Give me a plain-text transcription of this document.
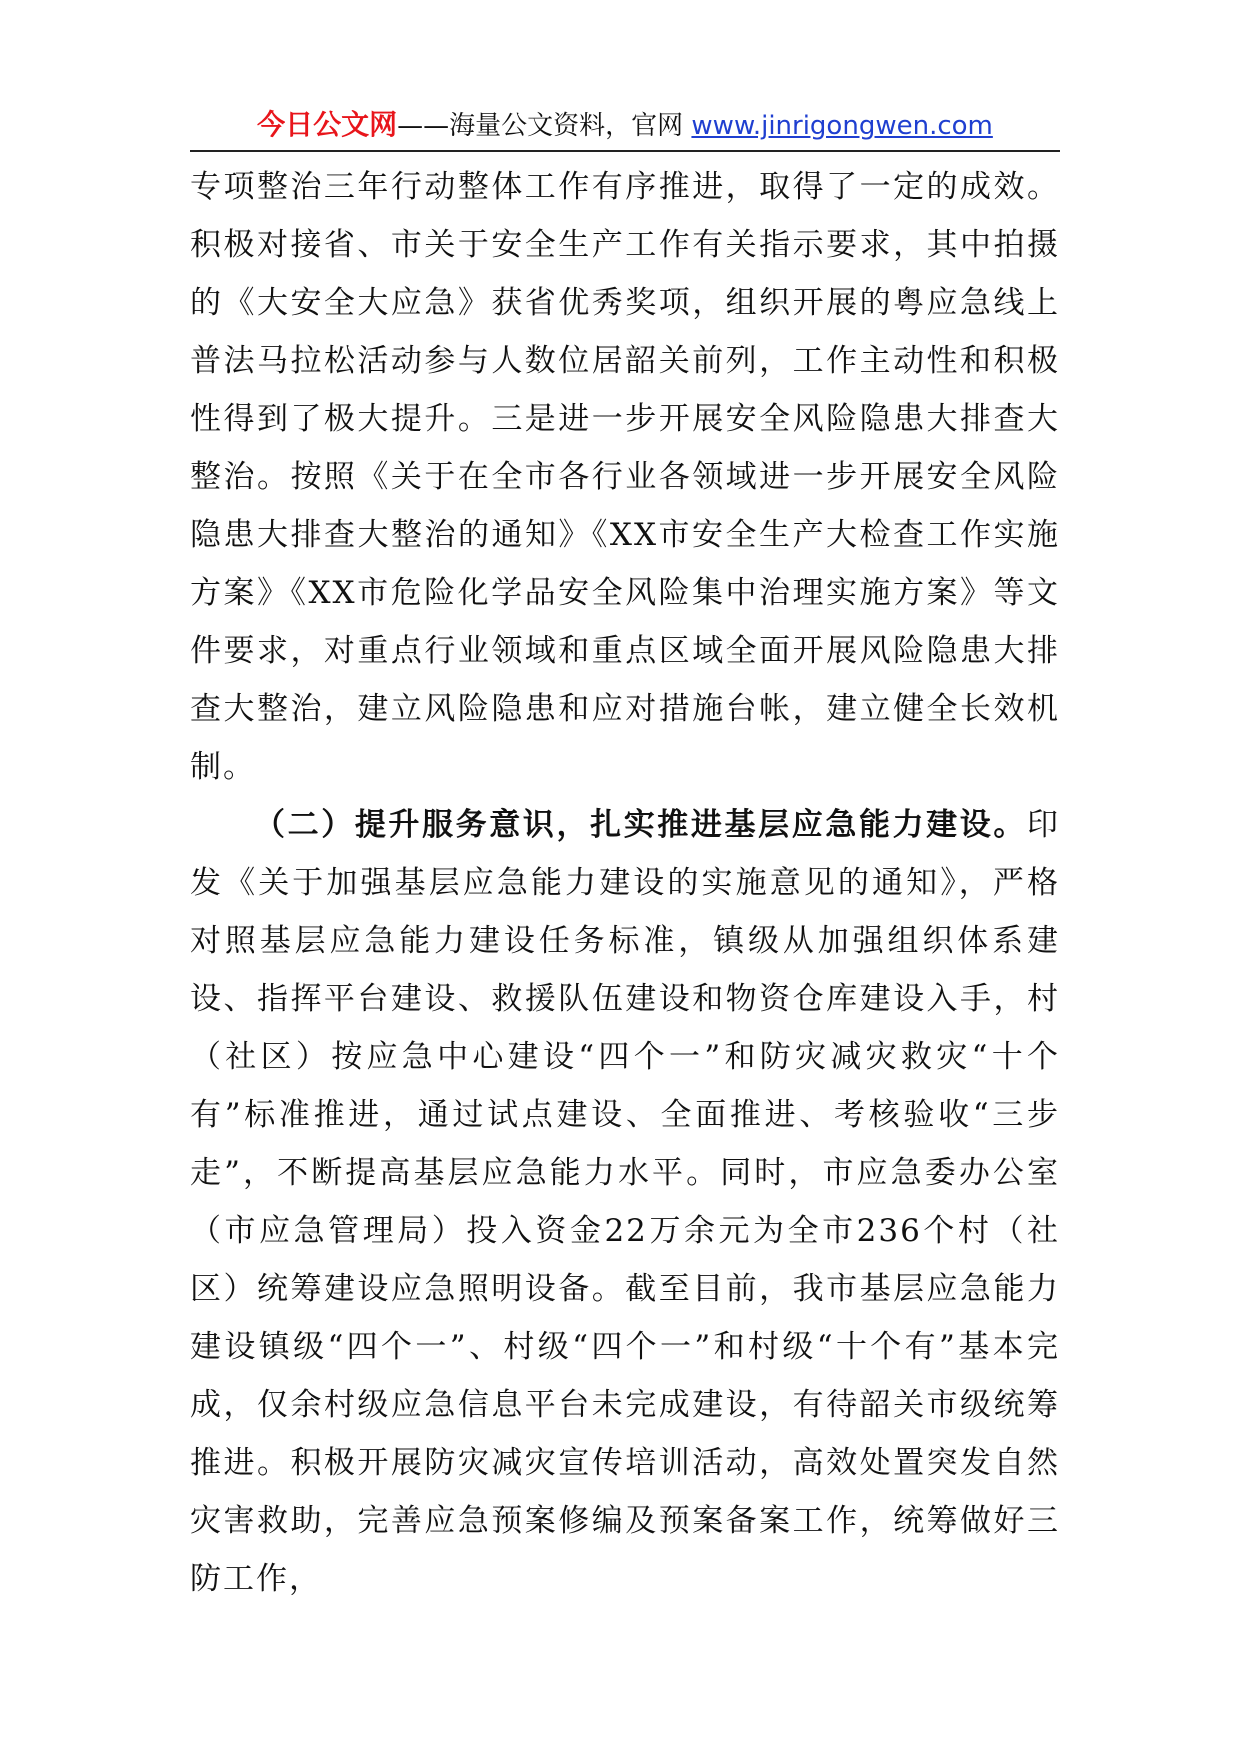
今日公文网——海量公文资料，官网 www.jinrigongwen.com

专项整治三年行动整体工作有序推进，取得了一定的成效。积极对接省、市关于安全生产工作有关指示要求，其中拍摄的《大安全大应急》获省优秀奖项，组织开展的粤应急线上普法马拉松活动参与人数位居韶关前列，工作主动性和积极性得到了极大提升。三是进一步开展安全风险隐患大排查大整治。按照《关于在全市各行业各领域进一步开展安全风险隐患大排查大整治的通知》《XX市安全生产大检查工作实施方案》《XX市危险化学品安全风险集中治理实施方案》等文件要求，对重点行业领域和重点区域全面开展风险隐患大排查大整治，建立风险隐患和应对措施台帐，建立健全长效机制。

（二）提升服务意识，扎实推进基层应急能力建设。印发《关于加强基层应急能力建设的实施意见的通知》，严格对照基层应急能力建设任务标准，镇级从加强组织体系建设、指挥平台建设、救援队伍建设和物资仓库建设入手，村（社区）按应急中心建设“四个一”和防灾减灾救灾“十个有”标准推进，通过试点建设、全面推进、考核验收“三步走”，不断提高基层应急能力水平。同时，市应急委办公室（市应急管理局）投入资金22万余元为全市236个村（社区）统筹建设应急照明设备。截至目前，我市基层应急能力建设镇级“四个一”、村级“四个一”和村级“十个有”基本完成，仅余村级应急信息平台未完成建设，有待韶关市级统筹推进。积极开展防灾减灾宣传培训活动，高效处置突发自然灾害救助，完善应急预案修编及预案备案工作，统筹做好三防工作，
